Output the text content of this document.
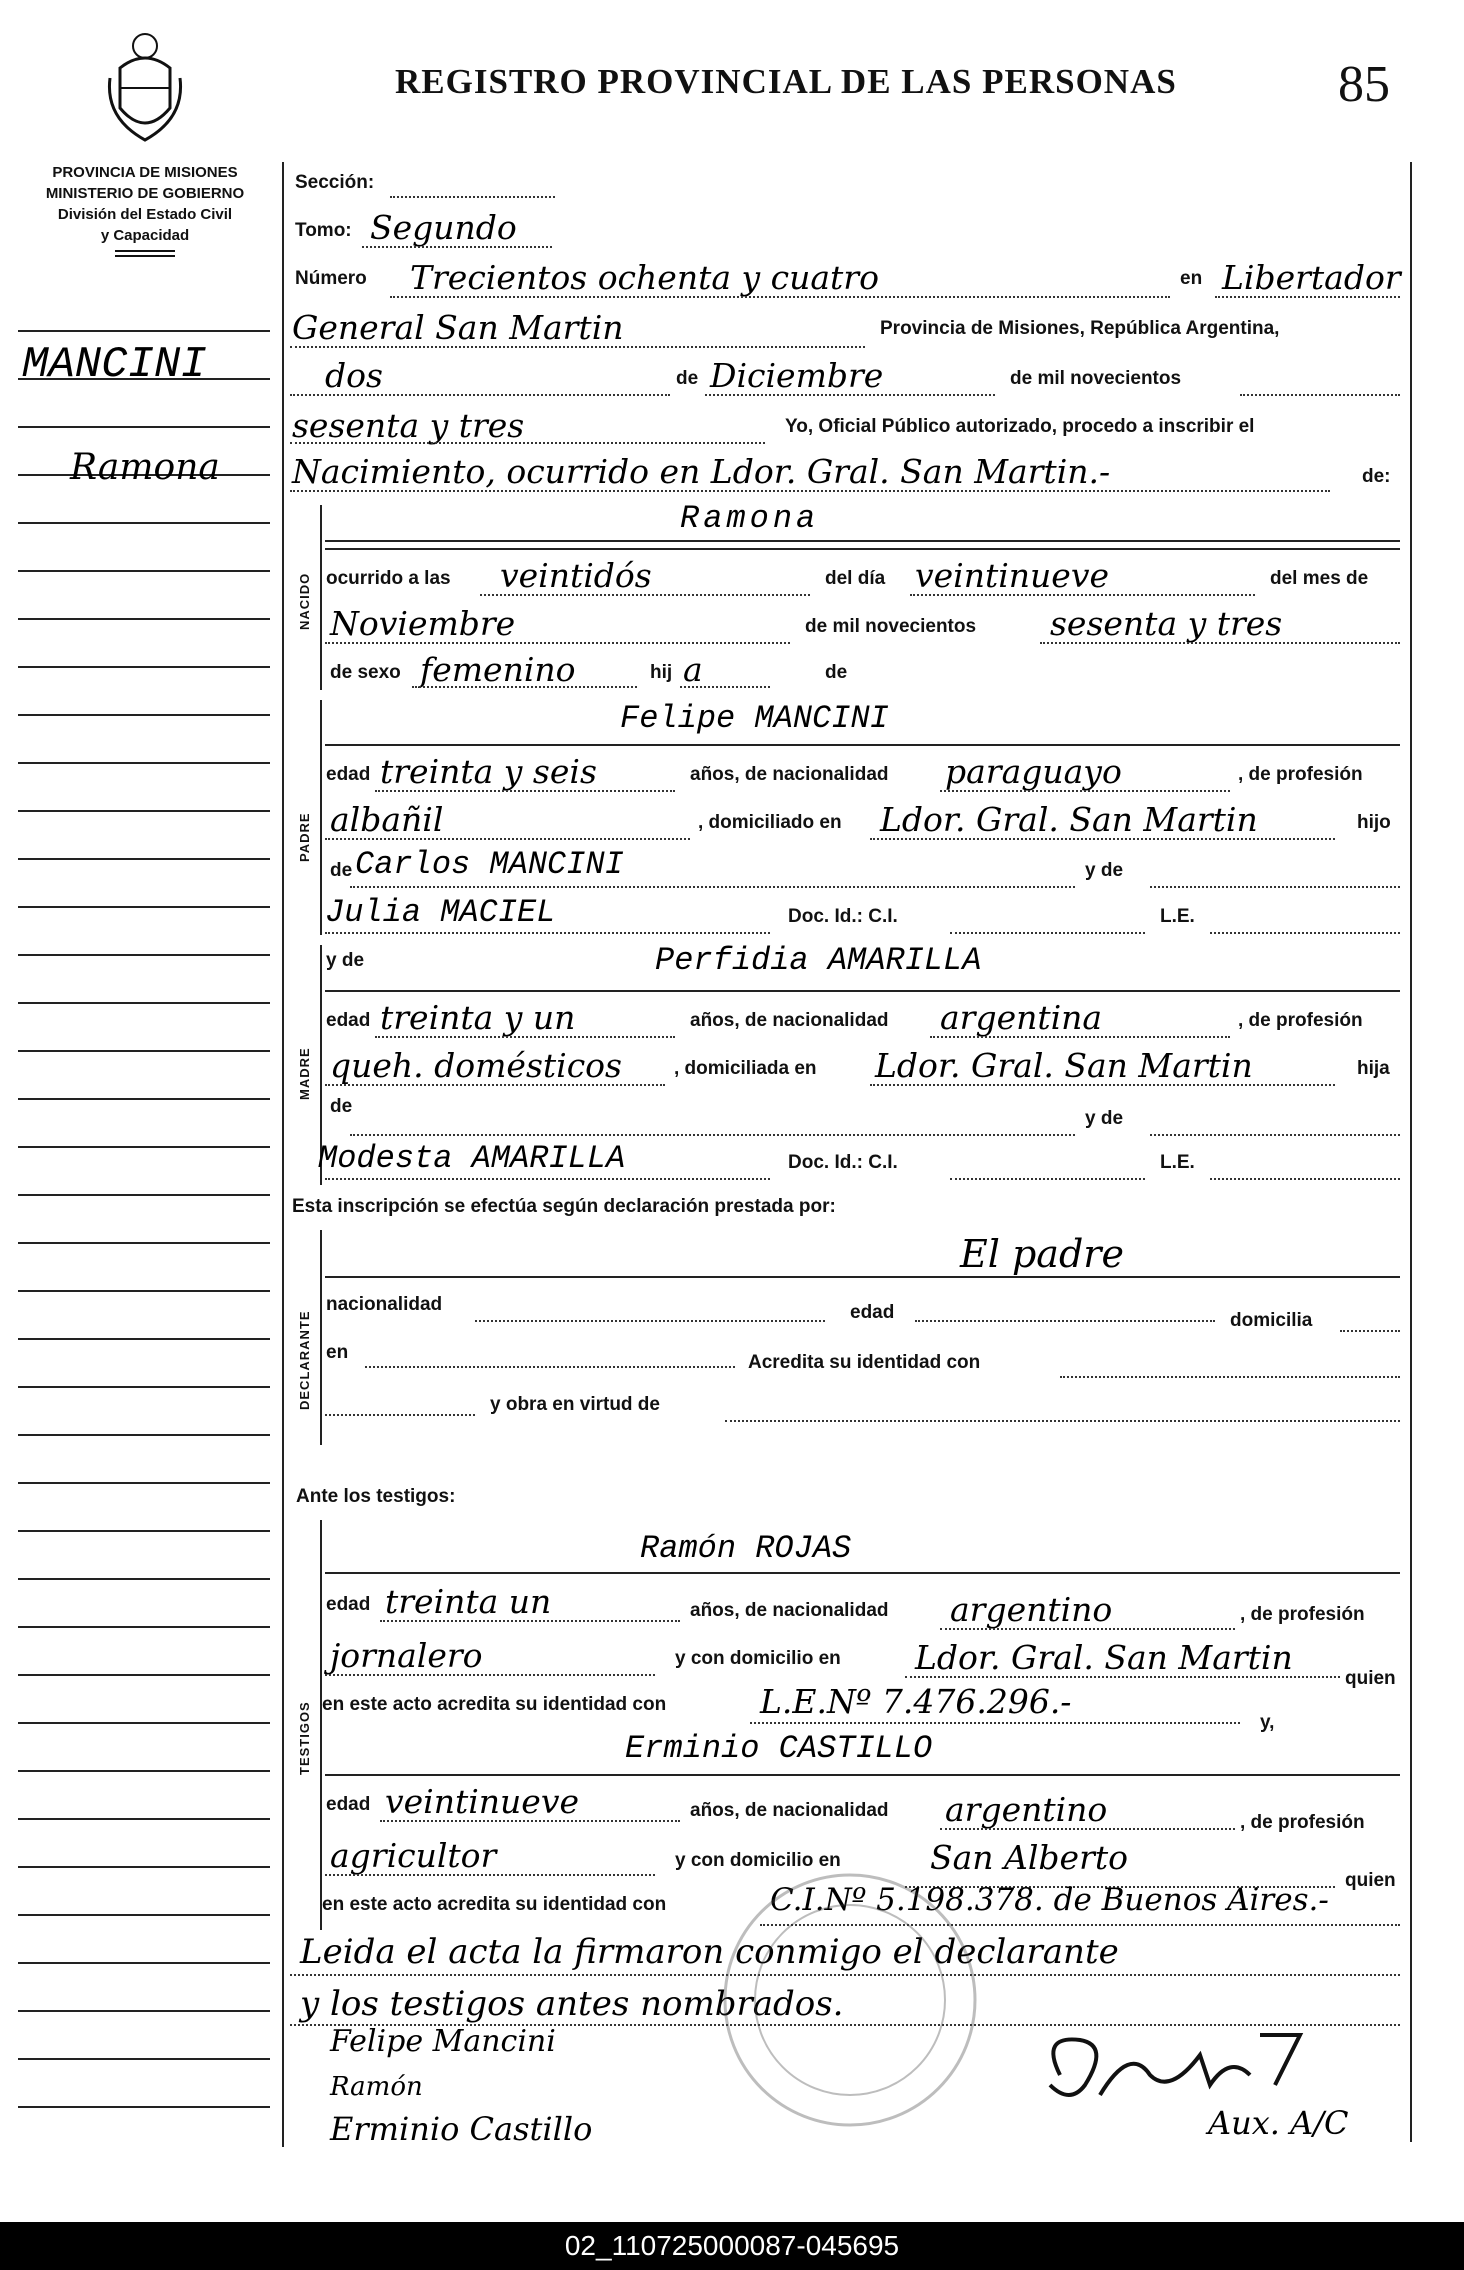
REGISTRO PROVINCIAL DE LAS PERSONAS	85
PROVINCIA DE MISIONES
MINISTERIO DE GOBIERNO
División del Estado Civil
y Capacidad
MANCINI
Ramona
Sección:
Tomo: Segundo
Número Trecientos ochenta y cuatro	en Libertador
General San Martin	Provincia de Misiones, República Argentina,
dos	de Diciembre	de mil novecientos
sesenta y tres	Yo, Oficial Público autorizado, procedo a inscribir el
Nacimiento, ocurrido en Ldor. Gral. San Martin.-	de:
NACIDO
Ramona
ocurrido a las veintidós	del día veintinueve	del mes de
Noviembre	de mil novecientos sesenta y tres
de sexo femenino	hij a	de
PADRE
Felipe MANCINI
edad treinta y seis	años, de nacionalidad paraguayo	, de profesión
albañil	, domiciliado en Ldor. Gral. San Martin	hijo
de Carlos MANCINI	y de
Julia MACIEL	Doc. Id.: C.I.	L.E.
MADRE
y de	Perfidia AMARILLA
edad treinta y un	años, de nacionalidad argentina	, de profesión
queh. domésticos	, domiciliada en Ldor. Gral. San Martin	hija
de
y de
Modesta AMARILLA	Doc. Id.: C.I.	L.E.
Esta inscripción se efectúa según declaración prestada por:
DECLARANTE
El padre
nacionalidad	edad	domicilia
en	Acredita su identidad con
y obra en virtud de
Ante los testigos:
TESTIGOS
Ramón ROJAS
edad treinta un	años, de nacionalidad argentino	, de profesión
jornalero	y con domicilio en Ldor. Gral. San Martin
quien
en este acto acredita su identidad con	L.E.Nº 7.476.296.-
y,
Erminio CASTILLO
edad veintinueve	años, de nacionalidad argentino	, de profesión
agricultor	y con domicilio en	San Alberto
quien
en este acto acredita su identidad con	C.I.Nº 5.198.378. de Buenos Aires.-
Leida el acta la firmaron conmigo el declarante
y los testigos antes nombrados.
Felipe Mancini
Ramón
Erminio Castillo	Aux. A/C
02_110725000087-045695
